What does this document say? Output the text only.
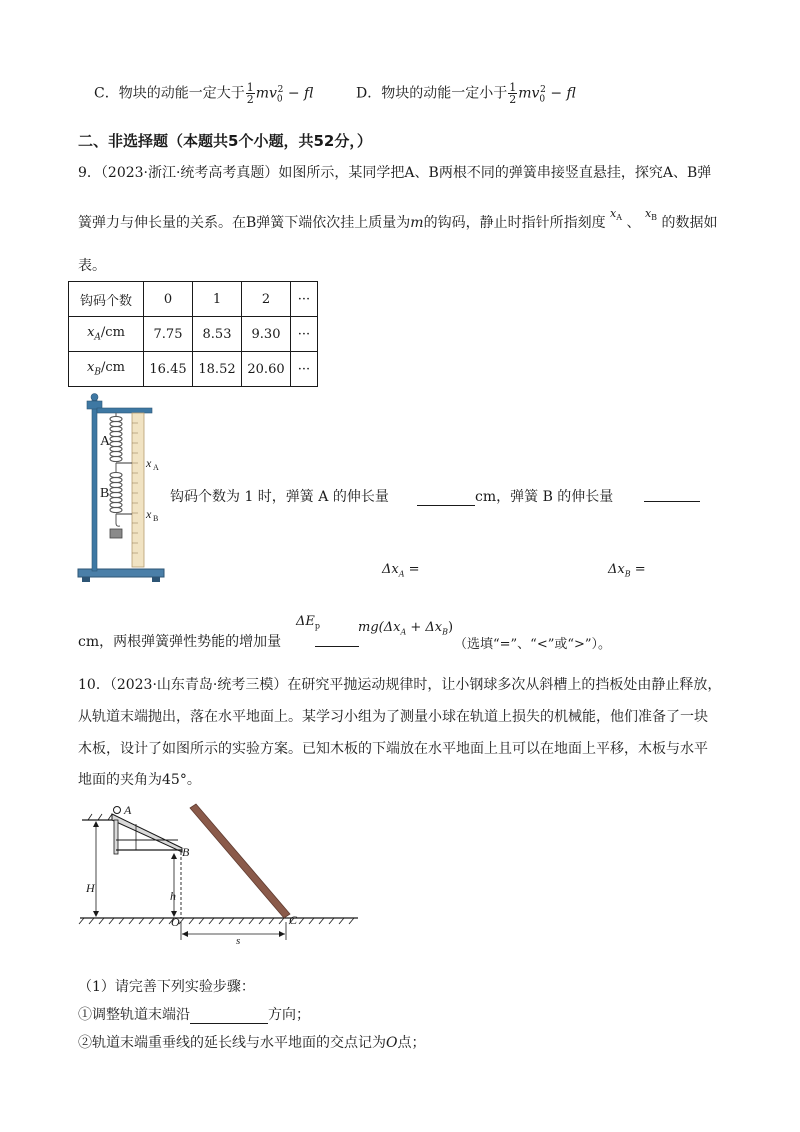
C．物块的动能一定大于 $\frac{1}{2} mv_0^2$ − fl	D．物块的动能一定小于 $\frac{1}{2} mv_0^2$ − fl
二、非选择题（本题共5个小题，共52分，）
9．（2023·浙江·统考高考真题）如图所示，某同学把A、B两根不同的弹簧串接竖直悬挂，探究A、B弹
簧弹力与伸长量的关系。在B弹簧下端依次挂上质量为m的钩码，静止时指针所指刻度 $^{x_A}$ 、 $^{x_B}$ 的数据如
表。
钩码个数	0	1	2	···
$x_A/cm$	7.75	8.53	9.30	···
$x_B/cm$	16.45	18.52	20.60	···
A
B
x A
x B
钩码个数为 1 时，弹簧 A 的伸长量	cm，弹簧 B 的伸长量
$\Delta x_A$ =	$\Delta x_B$ =
$\Delta E_p$	$mg(\Delta x_A + \Delta x_B)$
cm，两根弹簧弹性势能的增加量	（选填“=”、“<”或“>”）。
10．（2023·山东青岛·统考三模）在研究平抛运动规律时，让小钢球多次从斜槽上的挡板处由静止释放，
从轨道末端抛出，落在水平地面上。某学习小组为了测量小球在轨道上损失的机械能，他们准备了一块
木板，设计了如图所示的实验方案。已知木板的下端放在水平地面上且可以在地面上平移，木板与水平
地面的夹角为45°。
A
B
H
h
O	C
s
（1）请完善下列实验步骤：
①调整轨道末端沿	方向；
②轨道末端重垂线的延长线与水平地面的交点记为O点；
